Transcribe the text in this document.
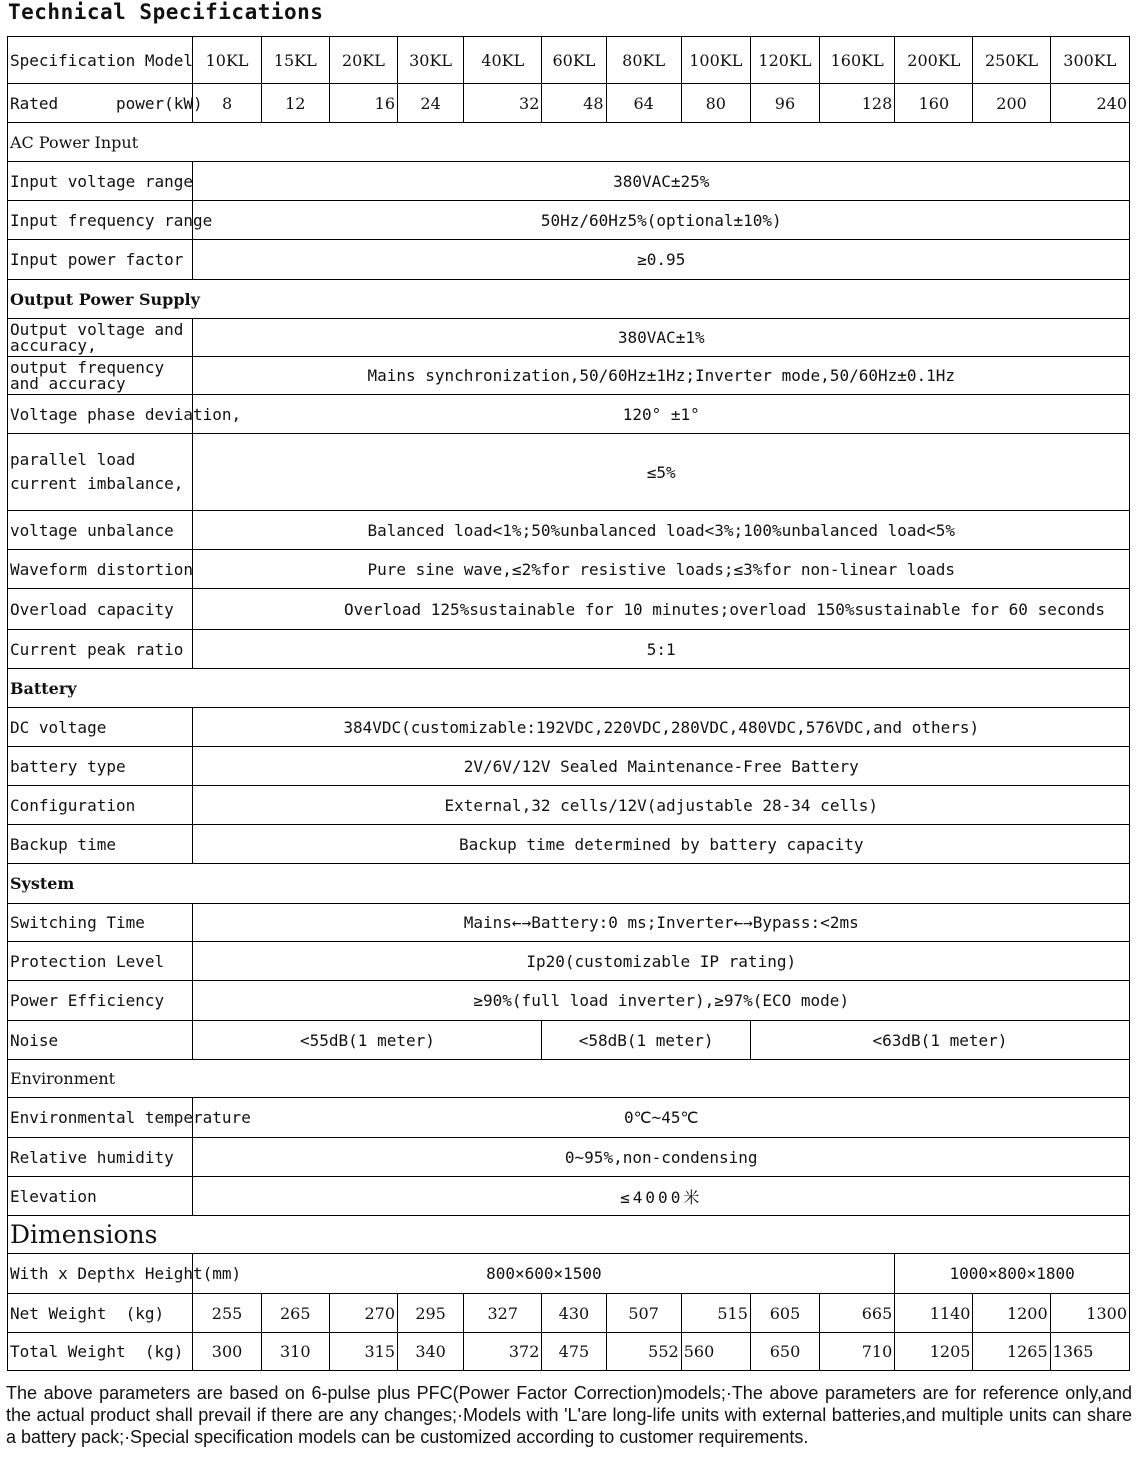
Technical Specifications
Specification Model	10KL	15KL	20KL	30KL	40KL	60KL	80KL	100KL	120KL	160KL	200KL	250KL	300KL
Rated      power(kW)	8	12	16	24	32	48	64	80	96	128	160	200	240
AC Power Input													
Input voltage range	380VAC±25%												
Input frequency range	50Hz/60Hz5%(optional±10%)												
Input power factor	≥0.95												
Output Power Supply													
Output voltage and accuracy,	380VAC±1%												
output frequency and accuracy	Mains synchronization,50/60Hz±1Hz;Inverter mode,50/60Hz±0.1Hz												
Voltage phase deviation,	120° ±1°												
parallel load current imbalance,	≤5%												
voltage unbalance	Balanced load<1%;50%unbalanced load<3%;100%unbalanced load<5%												
Waveform distortion	Pure sine wave,≤2%for resistive loads;≤3%for non-linear loads												
Overload capacity	Overload 125%sustainable for 10 minutes;overload 150%sustainable for 60 seconds												
Current peak ratio	5:1												
Battery													
DC voltage	384VDC(customizable:192VDC,220VDC,280VDC,480VDC,576VDC,and others)												
battery type	2V/6V/12V Sealed Maintenance-Free Battery												
Configuration	External,32 cells/12V(adjustable 28-34 cells)												
Backup time	Backup time determined by battery capacity												
System													
Switching Time	Mains←→Battery:0 ms;Inverter←→Bypass:<2ms												
Protection Level	Ip20(customizable IP rating)												
Power Efficiency	≥90%(full load inverter),≥97%(ECO mode)												
Noise	<55dB(1 meter)					<58dB(1 meter)			<63dB(1 meter)				
Environment													
Environmental temperature	0℃~45℃												
Relative humidity	0~95%,non-condensing												
Elevation	≤4000米												
Dimensions													
With x Depthx Height(mm)	800×600×1500										1000×800×1800		
Net Weight  (kg)	255	265	270	295	327	430	507	515	605	665	1140	1200	1300
Total Weight  (kg)	300	310	315	340	372	475	552	560	650	710	1205	1265	1365
The above parameters are based on 6-pulse plus PFC(Power Factor Correction)models;·The above parameters are for reference only,and the actual product shall prevail if there are any changes;·Models with 'L'are long-life units with external batteries,and multiple units can share a battery pack;·Special specification models can be customized according to customer requirements.
